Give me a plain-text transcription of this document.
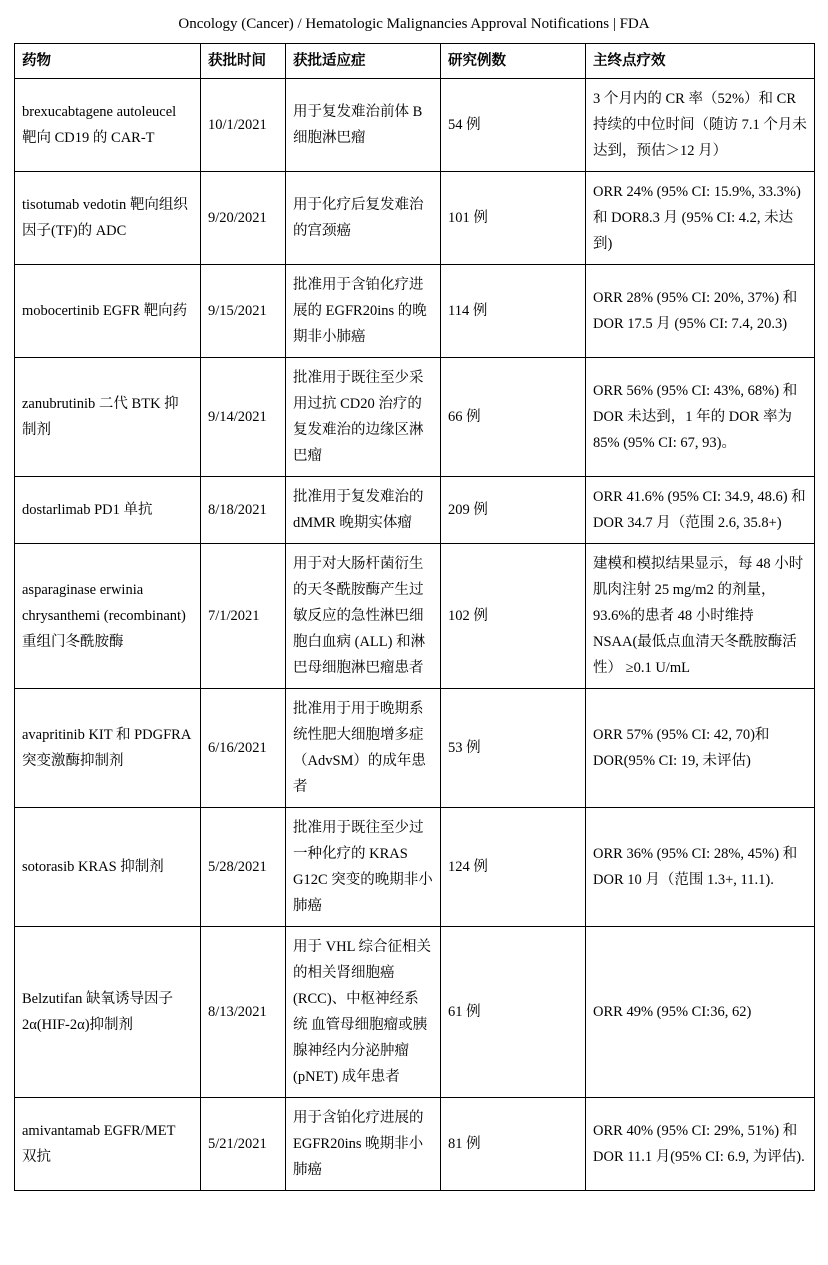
Oncology (Cancer) / Hematologic Malignancies Approval Notifications | FDA
药物	获批时间	获批适应症	研究例数	主终点疗效
brexucabtagene autoleucel 靶向 CD19 的 CAR-T	10/1/2021	用于复发难治前体 B 细胞淋巴瘤	54 例	3 个月内的 CR 率（52%）和 CR 持续的中位时间（随访 7.1 个月未达到，预估＞12 月）
tisotumab vedotin 靶向组织因子(TF)的 ADC	9/20/2021	用于化疗后复发难治的宫颈癌	101 例	ORR 24% (95% CI: 15.9%, 33.3%) 和 DOR8.3 月 (95% CI: 4.2, 未达到)
mobocertinib EGFR 靶向药	9/15/2021	批准用于含铂化疗进展的 EGFR20ins 的晚期非小肺癌	114 例	ORR 28% (95% CI: 20%, 37%) 和 DOR 17.5 月 (95% CI: 7.4, 20.3)
zanubrutinib 二代 BTK 抑制剂	9/14/2021	批准用于既往至少采用过抗 CD20 治疗的复发难治的边缘区淋巴瘤	66 例	ORR 56% (95% CI: 43%, 68%) 和 DOR 未达到，1 年的 DOR 率为 85% (95% CI: 67, 93)。
dostarlimab PD1 单抗	8/18/2021	批准用于复发难治的 dMMR 晚期实体瘤	209 例	ORR 41.6% (95% CI: 34.9, 48.6) 和 DOR 34.7 月（范围 2.6, 35.8+)
asparaginase erwinia chrysanthemi (recombinant) 重组门冬酰胺酶	7/1/2021	用于对大肠杆菌衍生的天冬酰胺酶产生过敏反应的急性淋巴细胞白血病 (ALL) 和淋巴母细胞淋巴瘤患者	102 例	建模和模拟结果显示，每 48 小时肌肉注射 25 mg/m2 的剂量，93.6%的患者 48 小时维持 NSAA(最低点血清天冬酰胺酶活性） ≥0.1 U/mL
avapritinib KIT 和 PDGFRA 突变激酶抑制剂	6/16/2021	批准用于用于晚期系统性肥大细胞增多症（AdvSM）的成年患者	53 例	ORR 57% (95% CI: 42, 70)和 DOR(95% CI: 19, 未评估)
sotorasib KRAS 抑制剂	5/28/2021	批准用于既往至少过一种化疗的 KRAS G12C 突变的晚期非小肺癌	124 例	ORR 36% (95% CI: 28%, 45%) 和 DOR 10 月（范围 1.3+, 11.1).
Belzutifan 缺氧诱导因子 2α(HIF-2α)抑制剂	8/13/2021	用于 VHL 综合征相关的相关肾细胞癌(RCC)、中枢神经系统 血管母细胞瘤或胰腺神经内分泌肿瘤 (pNET) 成年患者	61 例	ORR 49% (95% CI:36, 62)
amivantamab EGFR/MET 双抗	5/21/2021	用于含铂化疗进展的 EGFR20ins 晚期非小肺癌	81 例	ORR 40% (95% CI: 29%, 51%) 和 DOR 11.1 月(95% CI: 6.9, 为评估).
